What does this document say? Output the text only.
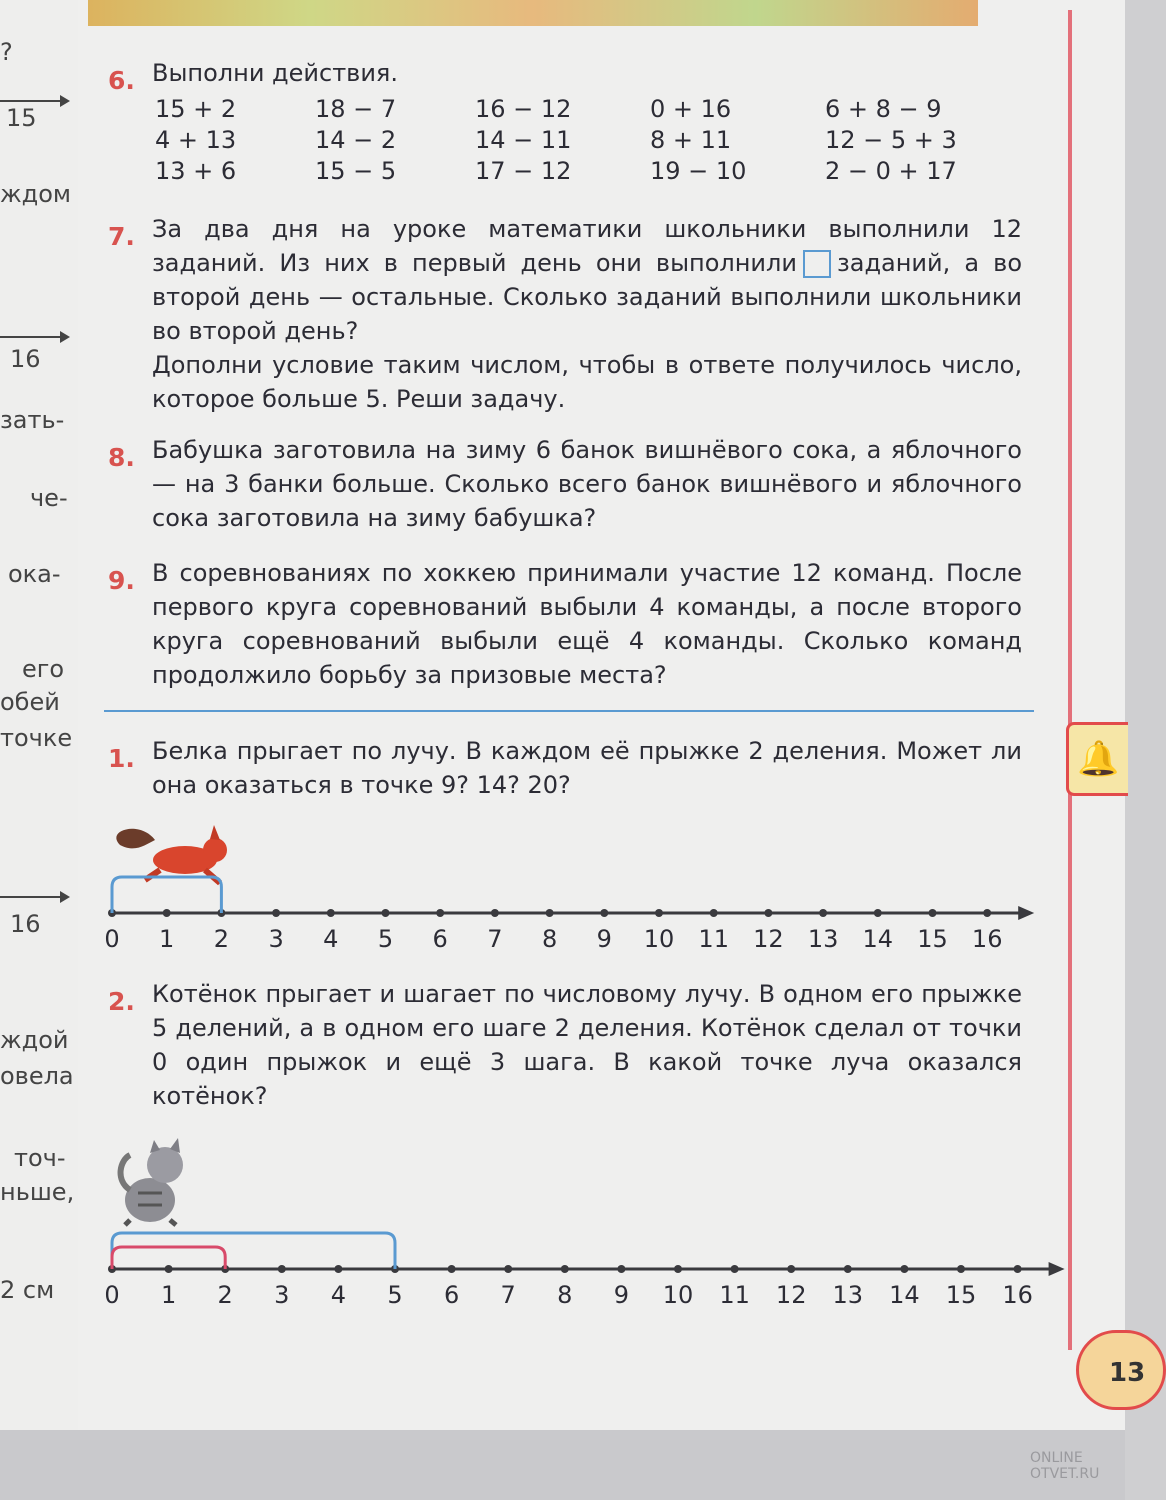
?
15
ждом
16
зать-
че-
ока-
его
обей
точке
16
ждой
овела
точ-
ньше,
2 см
🔔
13
6. Выполни действия.

15 + 2
4 + 13
13 + 6
18 − 7
14 − 2
15 − 5
16 − 12
14 − 11
17 − 12
0 + 16
8 + 11
19 − 10
6 + 8 − 9
12 − 5 + 3
2 − 0 + 17
7. За два дня на уроке математики школьники выполнили 12 заданий. Из них в первый день они выполнили заданий, а во второй день — остальные. Сколько заданий выполнили школьники во второй день?

Дополни условие таким числом, чтобы в ответе получилось число, которое больше 5. Реши задачу.

8. Бабушка заготовила на зиму 6 банок вишнёвого сока, а яблочного — на 3 банки больше. Сколько всего банок вишнёвого и яблочного сока заготовила на зиму бабушка?

9. В соревнованиях по хоккею принимали участие 12 команд. После первого круга соревнований выбыли 4 команды, а после второго круга соревнований выбыли ещё 4 команды. Сколько команд продолжило борьбу за призовые места?

1. Белка прыгает по лучу. В каждом её прыжке 2 деления. Может ли она оказаться в точке 9? 14? 20?

0 1 2 3 4 5 6 7 8 9 10 11 12 13 14 15 16
2. Котёнок прыгает и шагает по числовому лучу. В одном его прыжке 5 делений, а в одном его шаге 2 деления. Котёнок сделал от точки 0 один прыжок и ещё 3 шага. В какой точке луча оказался котёнок?

0 1 2 3 4 5 6 7 8 9 10 11 12 13 14 15 16
ONLINE
OTVET.RU
